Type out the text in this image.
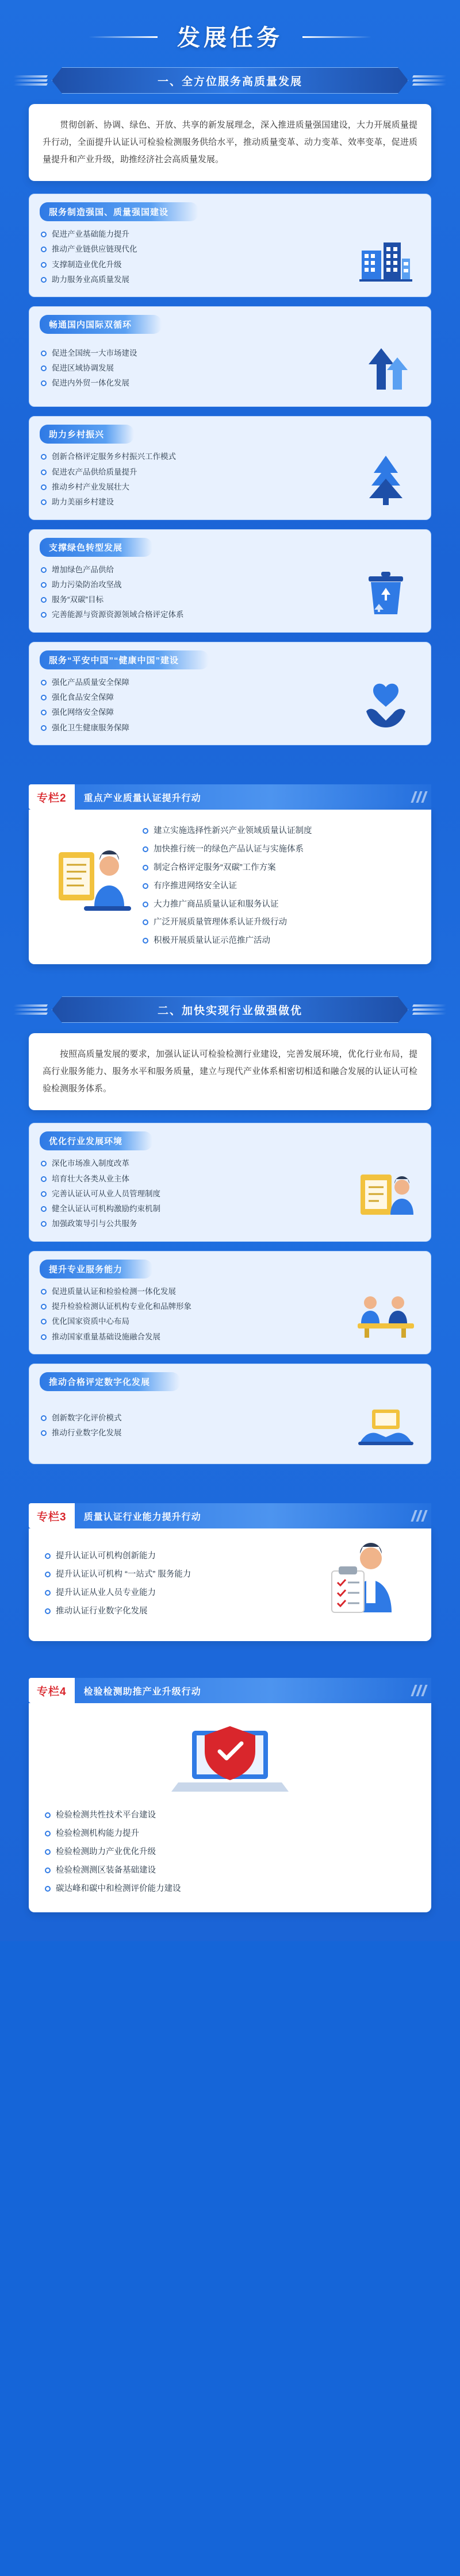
发展任务
一、全方位服务高质量发展

贯彻创新、协调、绿色、开放、共享的新发展理念，深入推进质量强国建设，大力开展质量提升行动，全面提升认证认可检验检测服务供给水平，推动质量变革、动力变革、效率变革，促进质量提升和产业升级，助推经济社会高质量发展。

服务制造强国、质量强国建设
促进产业基础能力提升
推动产业链供应链现代化
支撑制造业优化升级
助力服务业高质量发展
畅通国内国际双循环
促进全国统一大市场建设
促进区域协调发展
促进内外贸一体化发展
助力乡村振兴
创新合格评定服务乡村振兴工作模式
促进农产品供给质量提升
推动乡村产业发展壮大
助力美丽乡村建设
支撑绿色转型发展
增加绿色产品供给
助力污染防治攻坚战
服务“双碳”目标
完善能源与资源资源领域合格评定体系
服务“平安中国”“健康中国”建设
强化产品质量安全保障
强化食品安全保障
强化网络安全保障
强化卫生健康服务保障
专栏2	重点产业质量认证提升行动
建立实施选择性新兴产业领域质量认证制度
加快推行统一的绿色产品认证与实施体系
制定合格评定服务“双碳”工作方案
有序推进网络安全认证
大力推广商品质量认证和服务认证
广泛开展质量管理体系认证升级行动
积极开展质量认证示范推广活动
二、加快实现行业做强做优

按照高质量发展的要求，加强认证认可检验检测行业建设，完善发展环境，优化行业布局，提高行业服务能力、服务水平和服务质量，建立与现代产业体系相密切相适和融合发展的认证认可检验检测服务体系。

优化行业发展环境
深化市场准入制度改革
培育壮大各类从业主体
完善认证认可从业人员管理制度
健全认证认可机构激励约束机制
加强政策导引与公共服务
提升专业服务能力
促进质量认证和检验检测一体化发展
提升检验检测认证机构专业化和品牌形象
优化国家资质中心布局
推动国家重量基础设施融合发展
推动合格评定数字化发展
创新数字化评价模式
推动行业数字化发展
专栏3	质量认证行业能力提升行动
提升认证认可机构创新能力
提升认证认可机构 “一站式” 服务能力
提升认证从业人员专业能力
推动认证行业数字化发展
专栏4	检验检测助推产业升级行动
检验检测共性技术平台建设
检验检测机构能力提升
检验检测助力产业优化升级
检验检测测区装备基础建设
碳达峰和碳中和检测评价能力建设
